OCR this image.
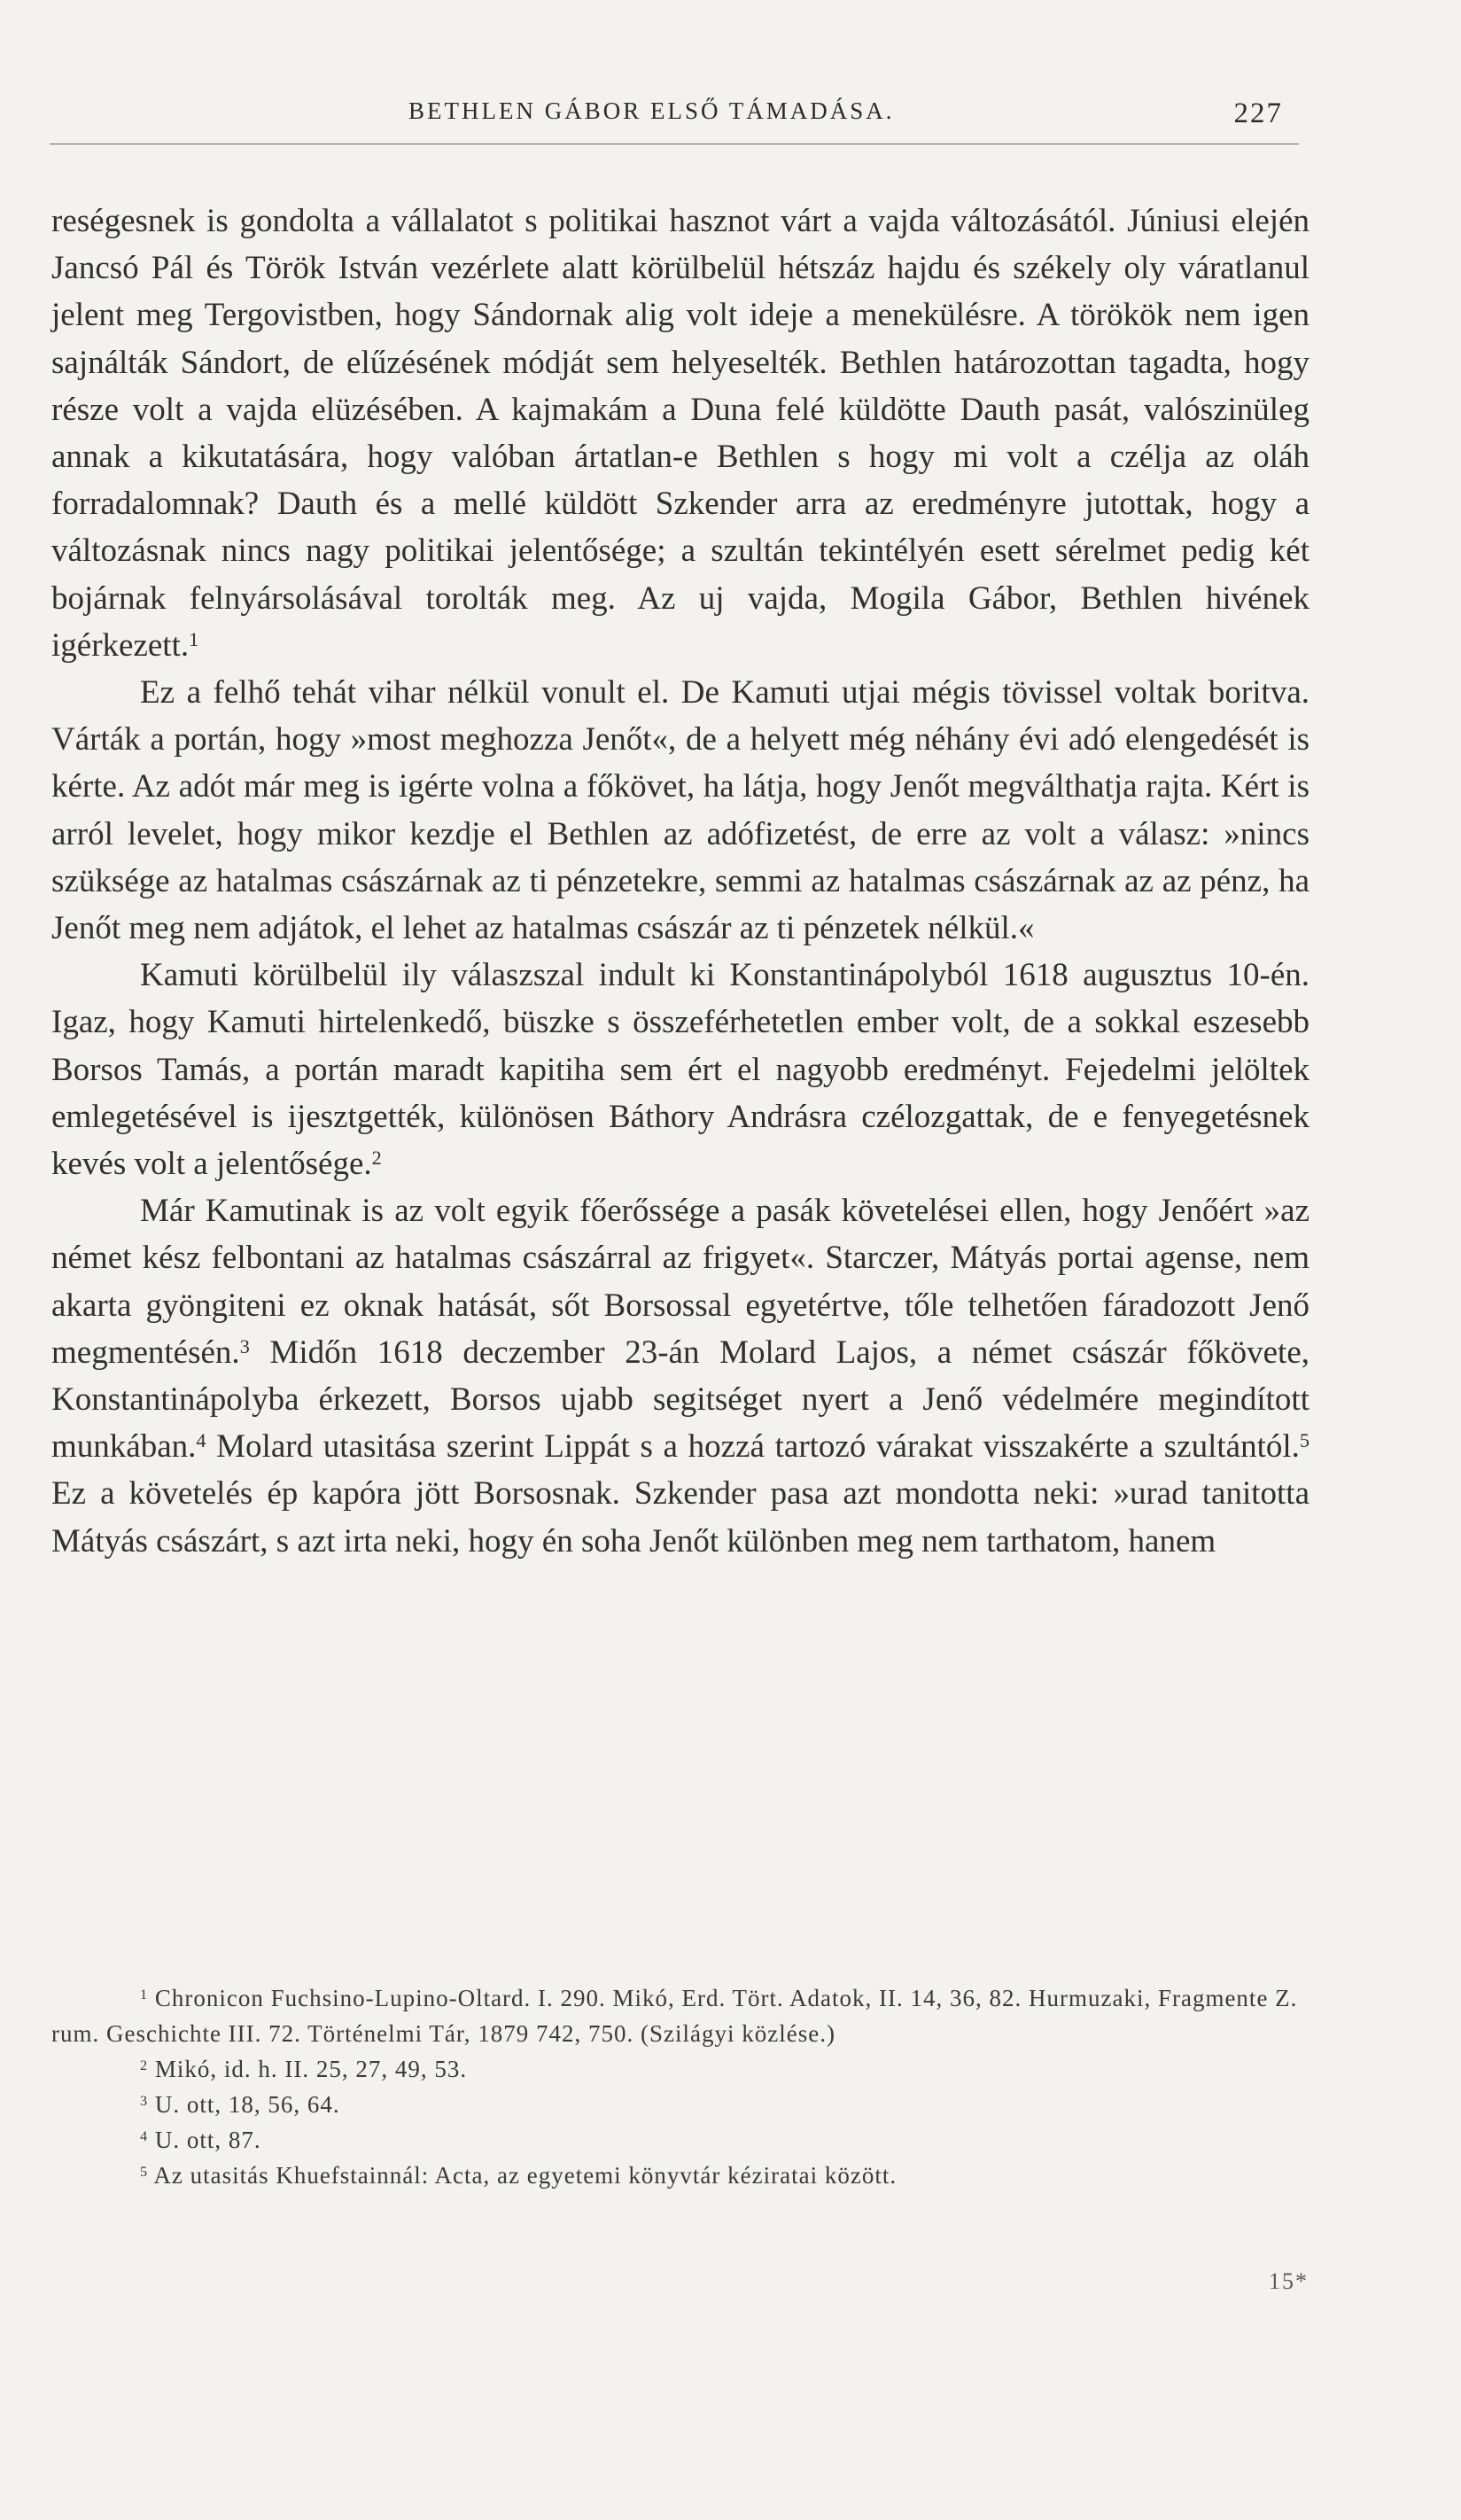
BETHLEN GÁBOR ELSŐ TÁMADÁSA.	227

reségesnek is gondolta a vállalatot s politikai hasznot várt a vajda változásától. Júniusi elején Jancsó Pál és Török István vezérlete alatt körülbelül hétszáz hajdu és székely oly váratlanul jelent meg Tergovistben, hogy Sándornak alig volt ideje a menekülésre. A törökök nem igen sajnálták Sándort, de elűzésének módját sem helyeselték. Bethlen határozottan tagadta, hogy része volt a vajda elüzésében. A kajmakám a Duna felé küldötte Dauth pasát, valószinüleg annak a kikutatására, hogy valóban ártatlan-e Bethlen s hogy mi volt a czélja az oláh forradalomnak? Dauth és a mellé küldött Szkender arra az eredményre jutottak, hogy a változásnak nincs nagy politikai jelentősége; a szultán tekintélyén esett sérelmet pedig két bojárnak felnyársolásával torolták meg. Az uj vajda, Mogila Gábor, Bethlen hivének igérkezett.$^1$

Ez a felhő tehát vihar nélkül vonult el. De Kamuti utjai mégis tövissel voltak boritva. Várták a portán, hogy »most meghozza Jenőt«, de a helyett még néhány évi adó elengedését is kérte. Az adót már meg is igérte volna a főkövet, ha látja, hogy Jenőt megválthatja rajta. Kért is arról levelet, hogy mikor kezdje el Bethlen az adófizetést, de erre az volt a válasz: »nincs szüksége az hatalmas császárnak az ti pénzetekre, semmi az hatalmas császárnak az az pénz, ha Jenőt meg nem adjátok, el lehet az hatalmas császár az ti pénzetek nélkül.«

Kamuti körülbelül ily válaszszal indult ki Konstantinápolyból 1618 augusztus 10-én. Igaz, hogy Kamuti hirtelenkedő, büszke s összeférhetetlen ember volt, de a sokkal eszesebb Borsos Tamás, a portán maradt kapitiha sem ért el nagyobb eredményt. Fejedelmi jelöltek emlegetésével is ijesztgették, különösen Báthory Andrásra czélozgattak, de e fenyegetésnek kevés volt a jelentősége.$^2$

Már Kamutinak is az volt egyik főerőssége a pasák követelései ellen, hogy Jenőért »az német kész felbontani az hatalmas császárral az frigyet«. Starczer, Mátyás portai agense, nem akarta gyöngiteni ez oknak hatását, sőt Borsossal egyetértve, tőle telhetően fáradozott Jenő megmentésén.$^3$ Midőn 1618 deczember 23-án Molard Lajos, a német császár főkövete, Konstantinápolyba érkezett, Borsos ujabb segitséget nyert a Jenő védelmére megindított munkában.$^4$ Molard utasitása szerint Lippát s a hozzá tartozó várakat visszakérte a szultántól.$^5$ Ez a követelés ép kapóra jött Borsosnak. Szkender pasa azt mondotta neki: »urad tanitotta Mátyás császárt, s azt irta neki, hogy én soha Jenőt különben meg nem tarthatom, hanem

$^1$ Chronicon Fuchsino-Lupino-Oltard. I. 290. Mikó, Erd. Tört. Adatok, II. 14, 36, 82. Hurmuzaki, Fragmente Z. rum. Geschichte III. 72. Történelmi Tár, 1879 742, 750. (Szilágyi közlése.)

$^2$ Mikó, id. h. II. 25, 27, 49, 53.

$^3$ U. ott, 18, 56, 64.

$^4$ U. ott, 87.

$^5$ Az utasitás Khuefstainnál: Acta, az egyetemi könyvtár kéziratai között.

15*
